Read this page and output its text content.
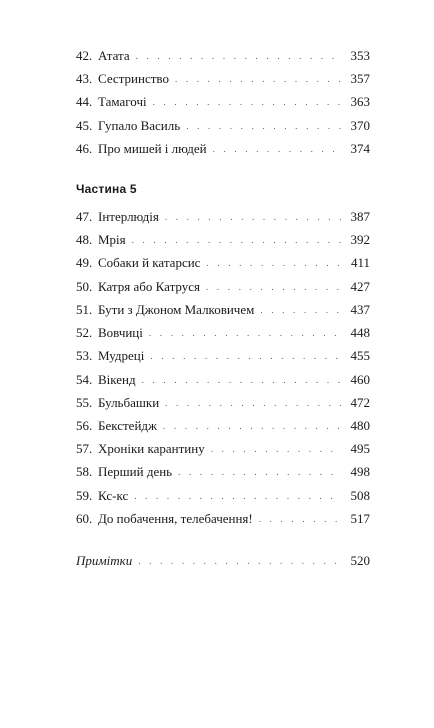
42. Атата . . .	353
43. Сестринство . . .	357
44. Тамагочі . . .	363
45. Гупало Василь . . .	370
46. Про мишей і людей . . .	374
Частина 5
47. Інтерлюдія . . .	387
48. Мрія . . .	392
49. Собаки й катарсис . . .	411
50. Катря або Катруся . . .	427
51. Бути з Джоном Малковичем . . .	437
52. Вовчиці . . .	448
53. Мудреці . . .	455
54. Вікенд . . .	460
55. Бульбашки . . .	472
56. Бекстейдж . . .	480
57. Хроніки карантину . . .	495
58. Перший день . . .	498
59. Кс-кс . . .	508
60. До побачення, телебачення! . . .	517
Примітки . . .	520
